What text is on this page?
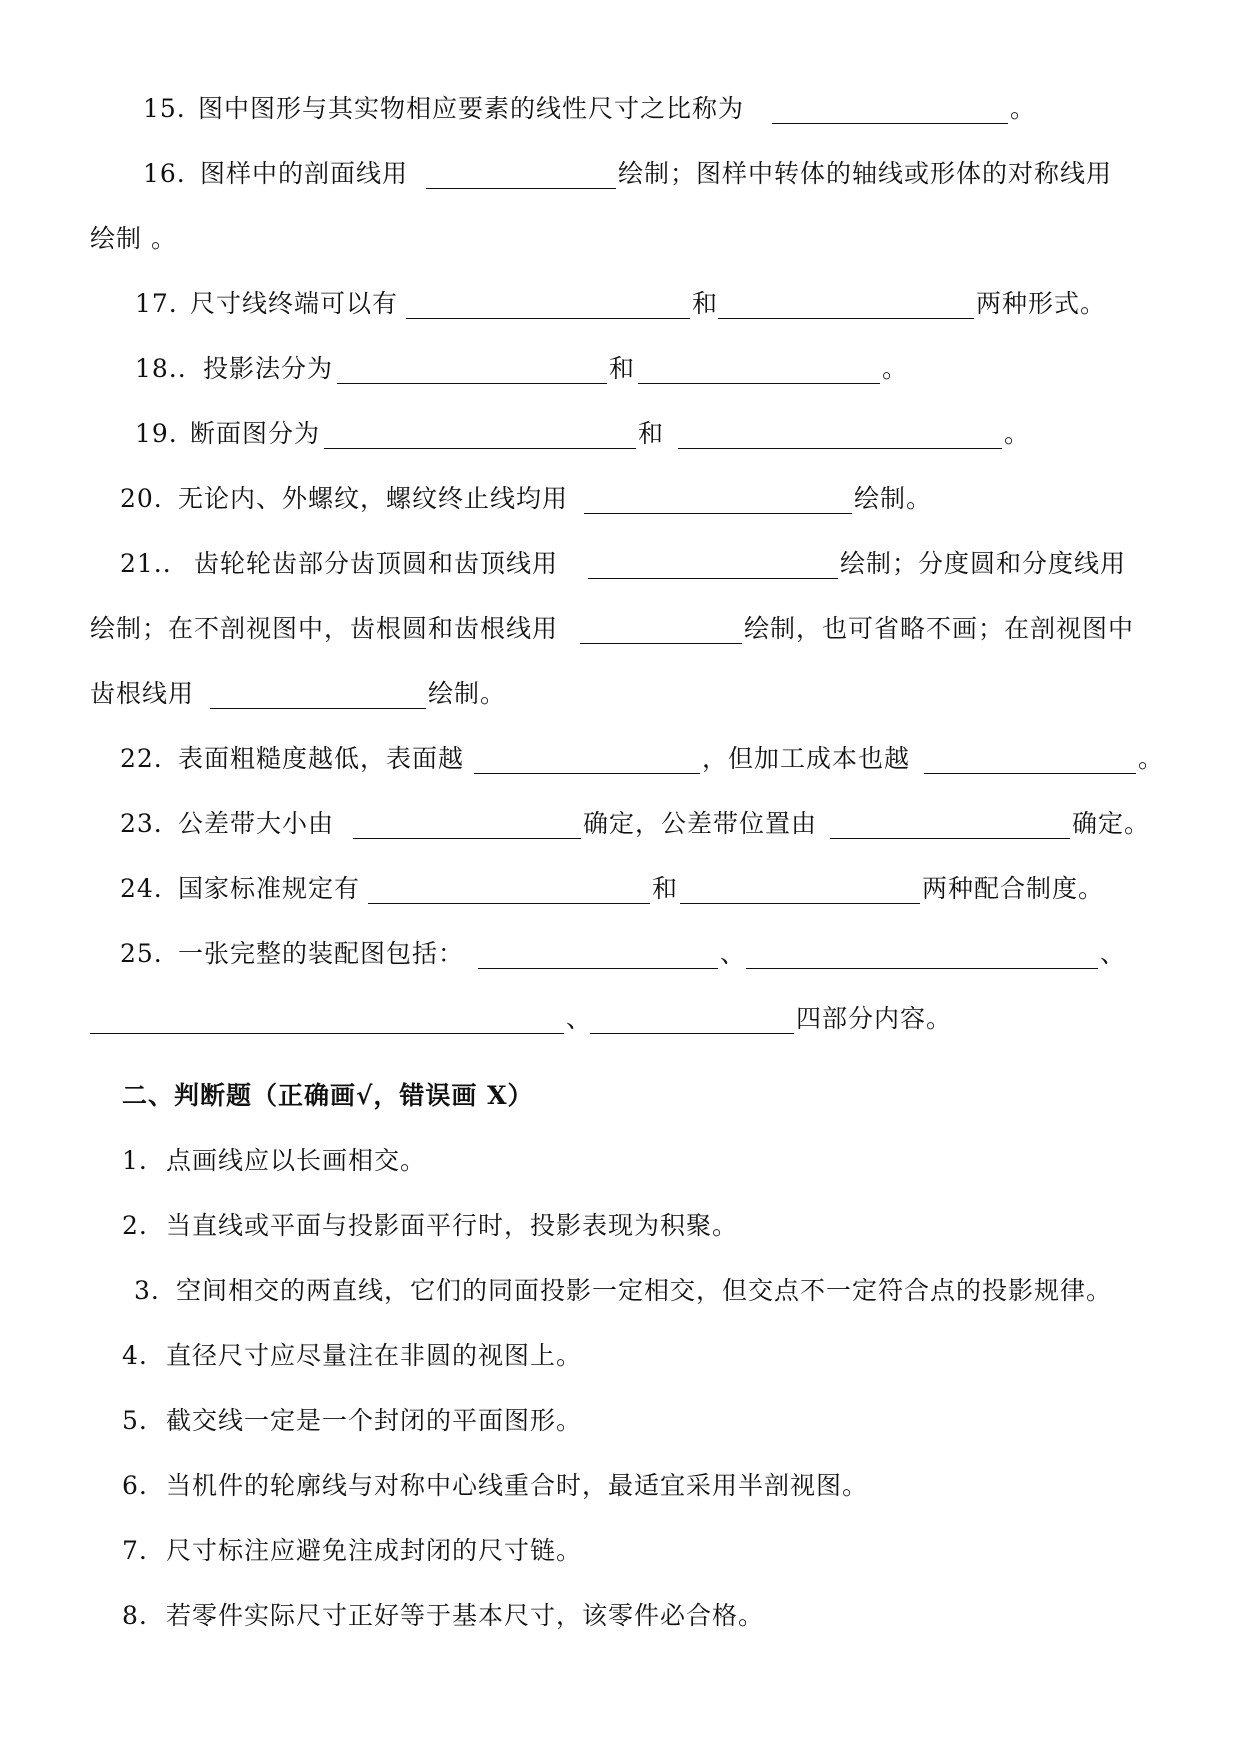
15. 图中图形与其实物相应要素的线性尺寸之比称为	。
16. 图样中的剖面线用	绘制；图样中转体的轴线或形体的对称线用
绘制 。
17. 尺寸线终端可以有	和	两种形式。
18.. 投影法分为	和	。
19. 断面图分为	和	。
20. 无论内、外螺纹，螺纹终止线均用	绘制。
21.. 齿轮轮齿部分齿顶圆和齿顶线用	绘制；分度圆和分度线用
绘制；在不剖视图中，齿根圆和齿根线用	绘制，也可省略不画；在剖视图中
齿根线用	绘制。
22. 表面粗糙度越低，表面越	，但加工成本也越	。
23. 公差带大小由	确定，公差带位置由	确定。
24. 国家标准规定有	和	两种配合制度。
25. 一张完整的装配图包括：	、	、
、	四部分内容。
二、判断题（正确画√，错误画 X）
1. 点画线应以长画相交。
2. 当直线或平面与投影面平行时，投影表现为积聚。
3. 空间相交的两直线，它们的同面投影一定相交，但交点不一定符合点的投影规律。
4. 直径尺寸应尽量注在非圆的视图上。
5. 截交线一定是一个封闭的平面图形。
6. 当机件的轮廓线与对称中心线重合时，最适宜采用半剖视图。
7. 尺寸标注应避免注成封闭的尺寸链。
8. 若零件实际尺寸正好等于基本尺寸，该零件必合格。
